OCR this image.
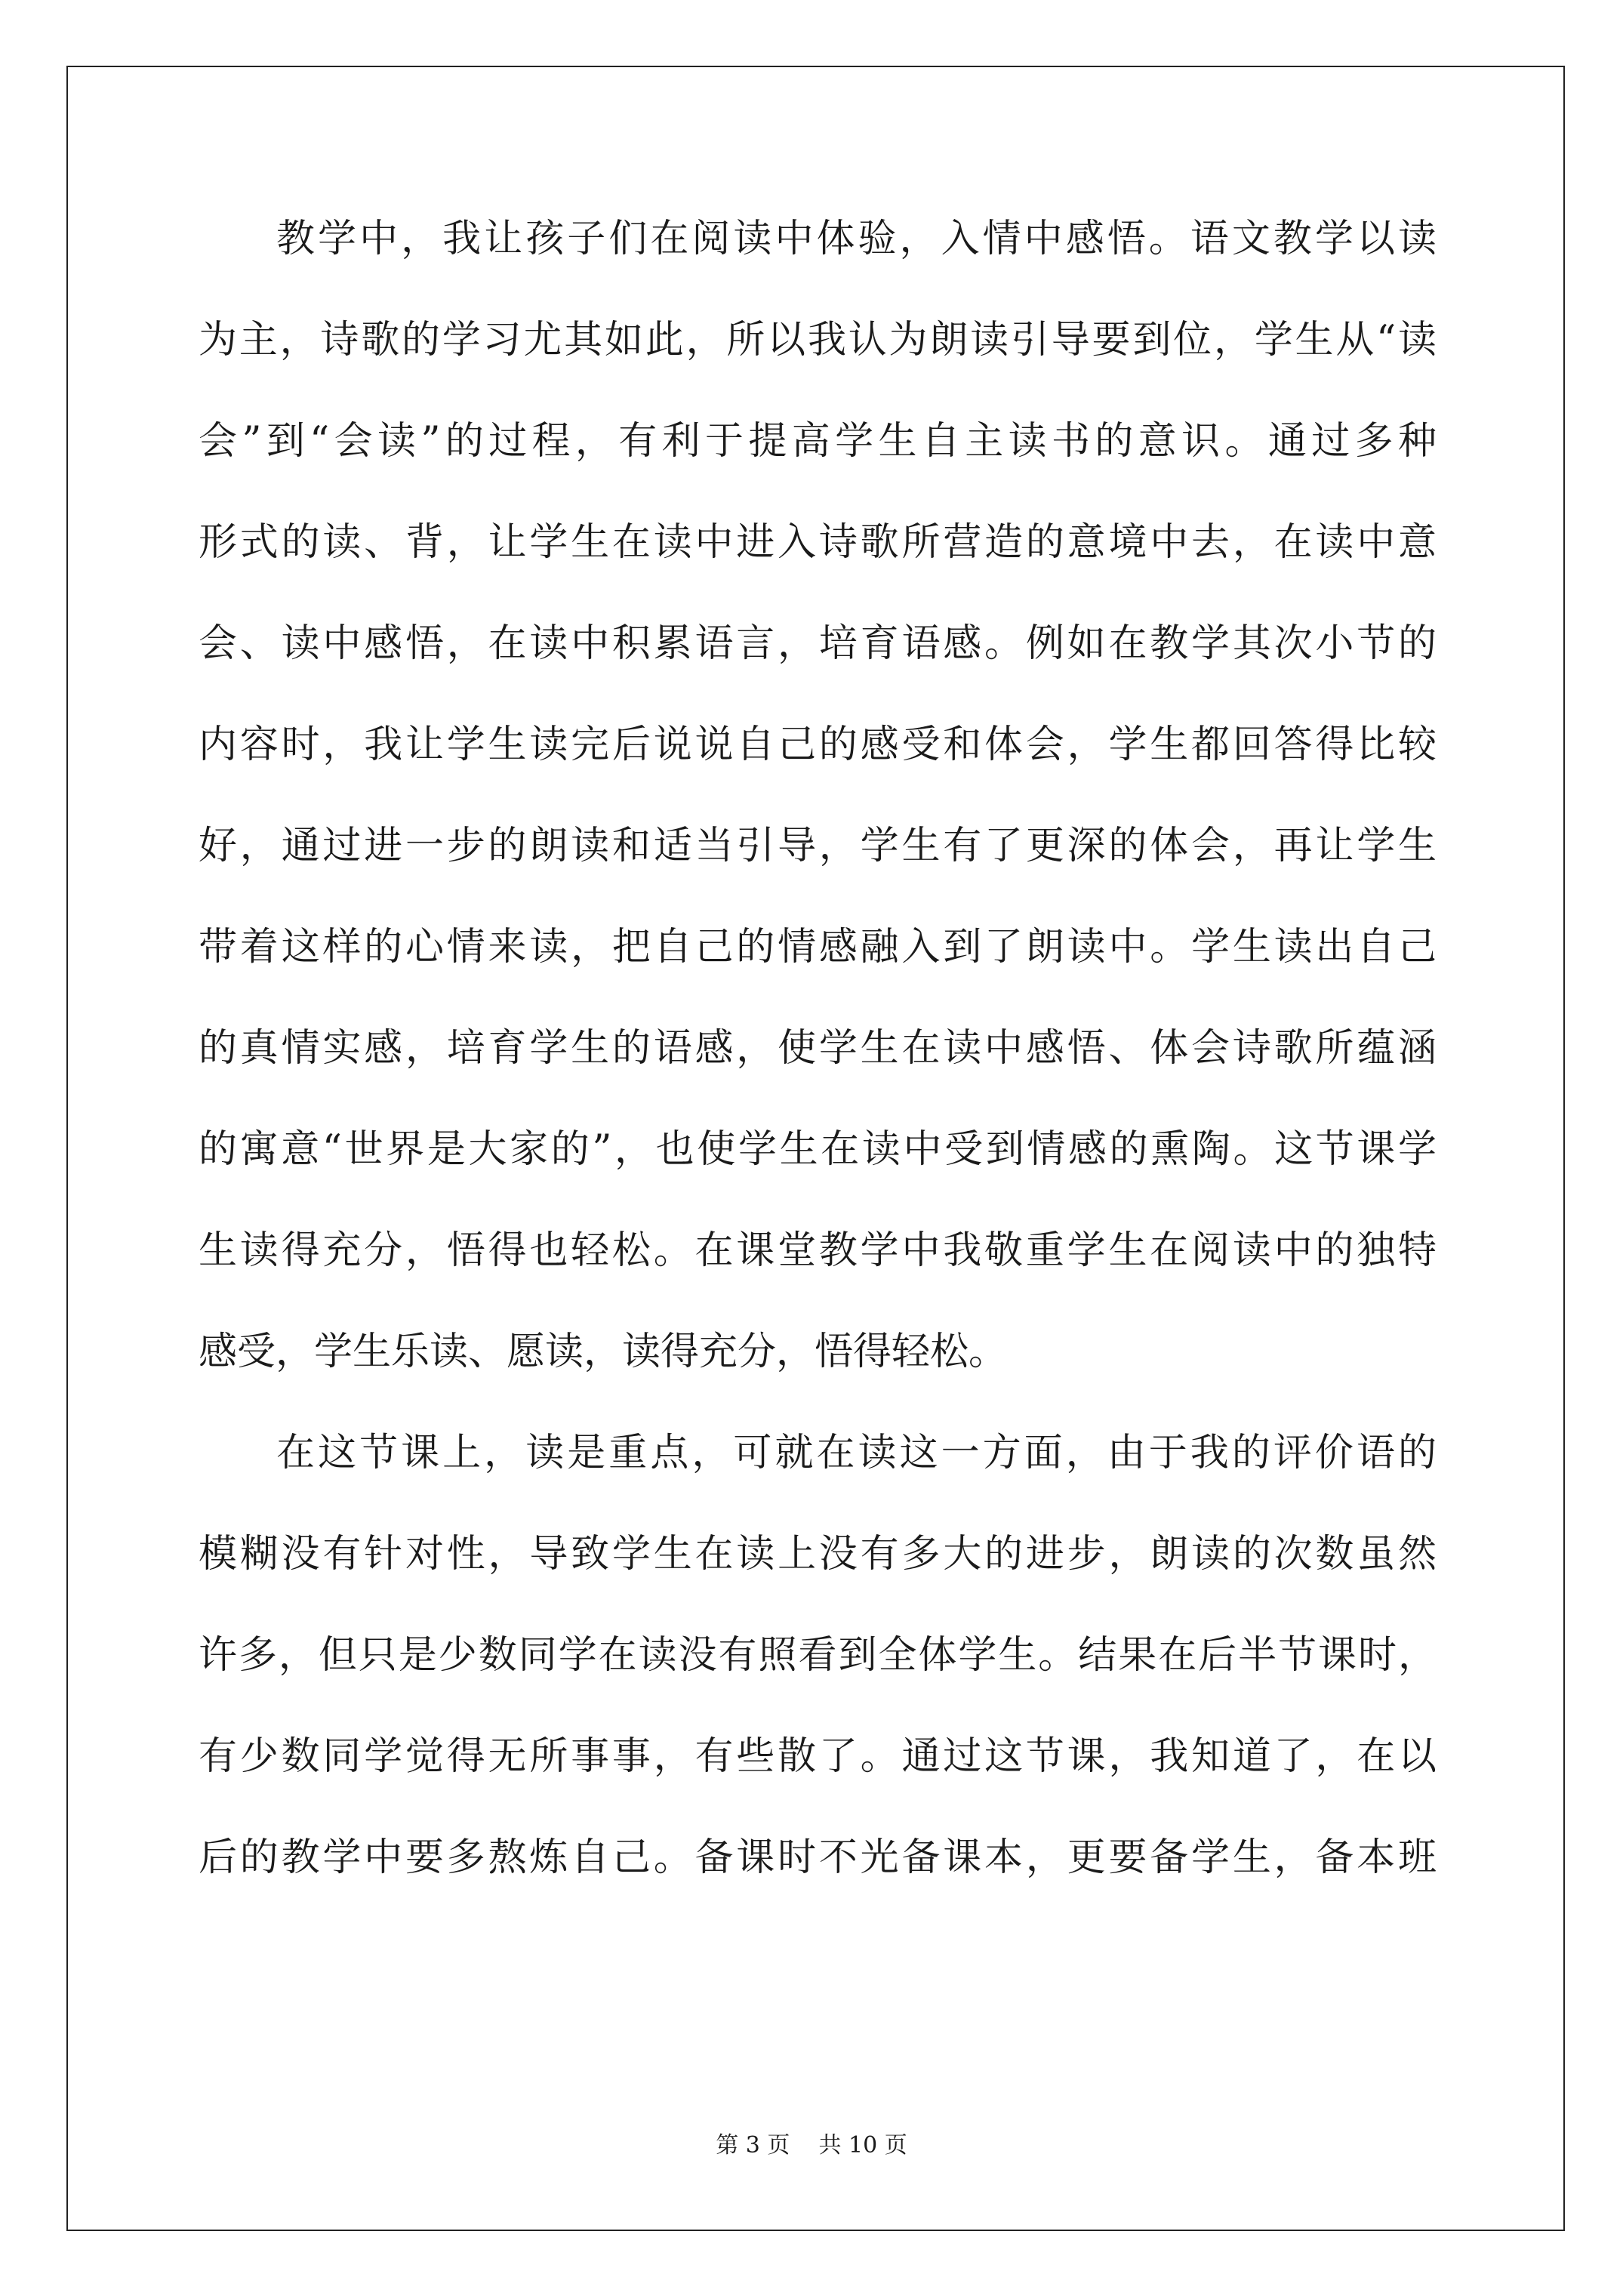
教学中，我让孩子们在阅读中体验，入情中感悟。语文教学以读

为主，诗歌的学习尤其如此，所以我认为朗读引导要到位，学生从“读

会”到“会读”的过程，有利于提高学生自主读书的意识。通过多种

形式的读、背，让学生在读中进入诗歌所营造的意境中去，在读中意

会、读中感悟，在读中积累语言，培育语感。例如在教学其次小节的

内容时，我让学生读完后说说自己的感受和体会，学生都回答得比较

好，通过进一步的朗读和适当引导，学生有了更深的体会，再让学生

带着这样的心情来读，把自己的情感融入到了朗读中。学生读出自己

的真情实感，培育学生的语感，使学生在读中感悟、体会诗歌所蕴涵

的寓意“世界是大家的”，也使学生在读中受到情感的熏陶。这节课学

生读得充分，悟得也轻松。在课堂教学中我敬重学生在阅读中的独特

感受，学生乐读、愿读，读得充分，悟得轻松。

在这节课上，读是重点，可就在读这一方面，由于我的评价语的

模糊没有针对性，导致学生在读上没有多大的进步，朗读的次数虽然

许多，但只是少数同学在读没有照看到全体学生。结果在后半节课时，

有少数同学觉得无所事事，有些散了。通过这节课，我知道了，在以

后的教学中要多熬炼自己。备课时不光备课本，更要备学生，备本班

第 3 页    共 10 页
